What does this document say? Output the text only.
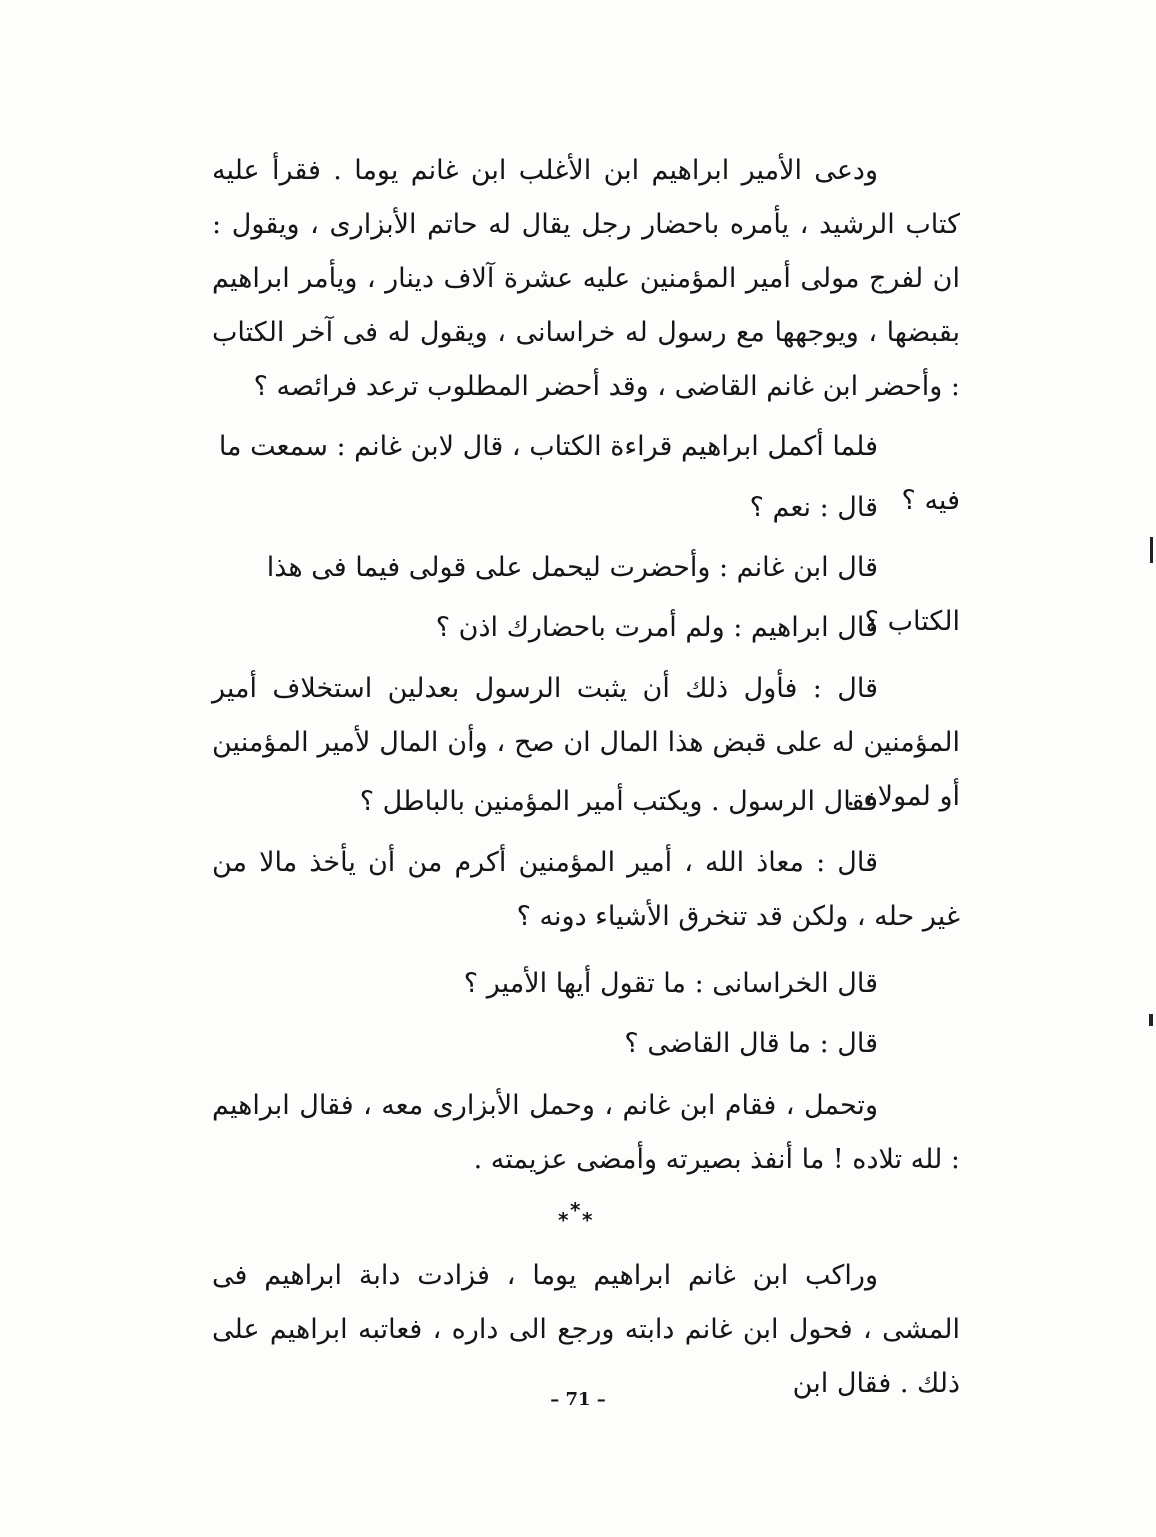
ودعى الأمير ابراهيم ابن الأغلب ابن غانم يوما . فقرأ عليه كتاب الرشيد ، يأمره باحضار رجل يقال له حاتم الأبزارى ، ويقول : ان لفرج مولى أمير المؤمنين عليه عشرة آلاف دينار ، ويأمر ابراهيم بقبضها ، ويوجهها مع رسول له خراسانى ، ويقول له فى آخر الكتاب : وأحضر ابن غانم القاضى ، وقد أحضر المطلوب ترعد فرائصه ؟

فلما أكمل ابراهيم قراءة الكتاب ، قال لابن غانم : سمعت ما فيه ؟

قال : نعم ؟

قال ابن غانم : وأحضرت ليحمل على قولى فيما فى هذا الكتاب ؟

قال ابراهيم : ولم أمرت باحضارك اذن ؟

قال : فأول ذلك أن يثبت الرسول بعدلين استخلاف أمير المؤمنين له على قبض هذا المال ان صح ، وأن المال لأمير المؤمنين أو لمولاه .

فقال الرسول . ويكتب أمير المؤمنين بالباطل ؟

قال : معاذ الله ، أمير المؤمنين أكرم من أن يأخذ مالا من غير حله ، ولكن قد تنخرق الأشياء دونه ؟

قال الخراسانى : ما تقول أيها الأمير ؟

قال : ما قال القاضى ؟

وتحمل ، فقام ابن غانم ، وحمل الأبزارى معه ، فقال ابراهيم : لله تلاده ! ما أنفذ بصيرته وأمضى عزيمته .

*
* *

وراكب ابن غانم ابراهيم يوما ، فزادت دابة ابراهيم فى المشى ، فحول ابن غانم دابته ورجع الى داره ، فعاتبه ابراهيم على ذلك . فقال ابن

– 71 –
